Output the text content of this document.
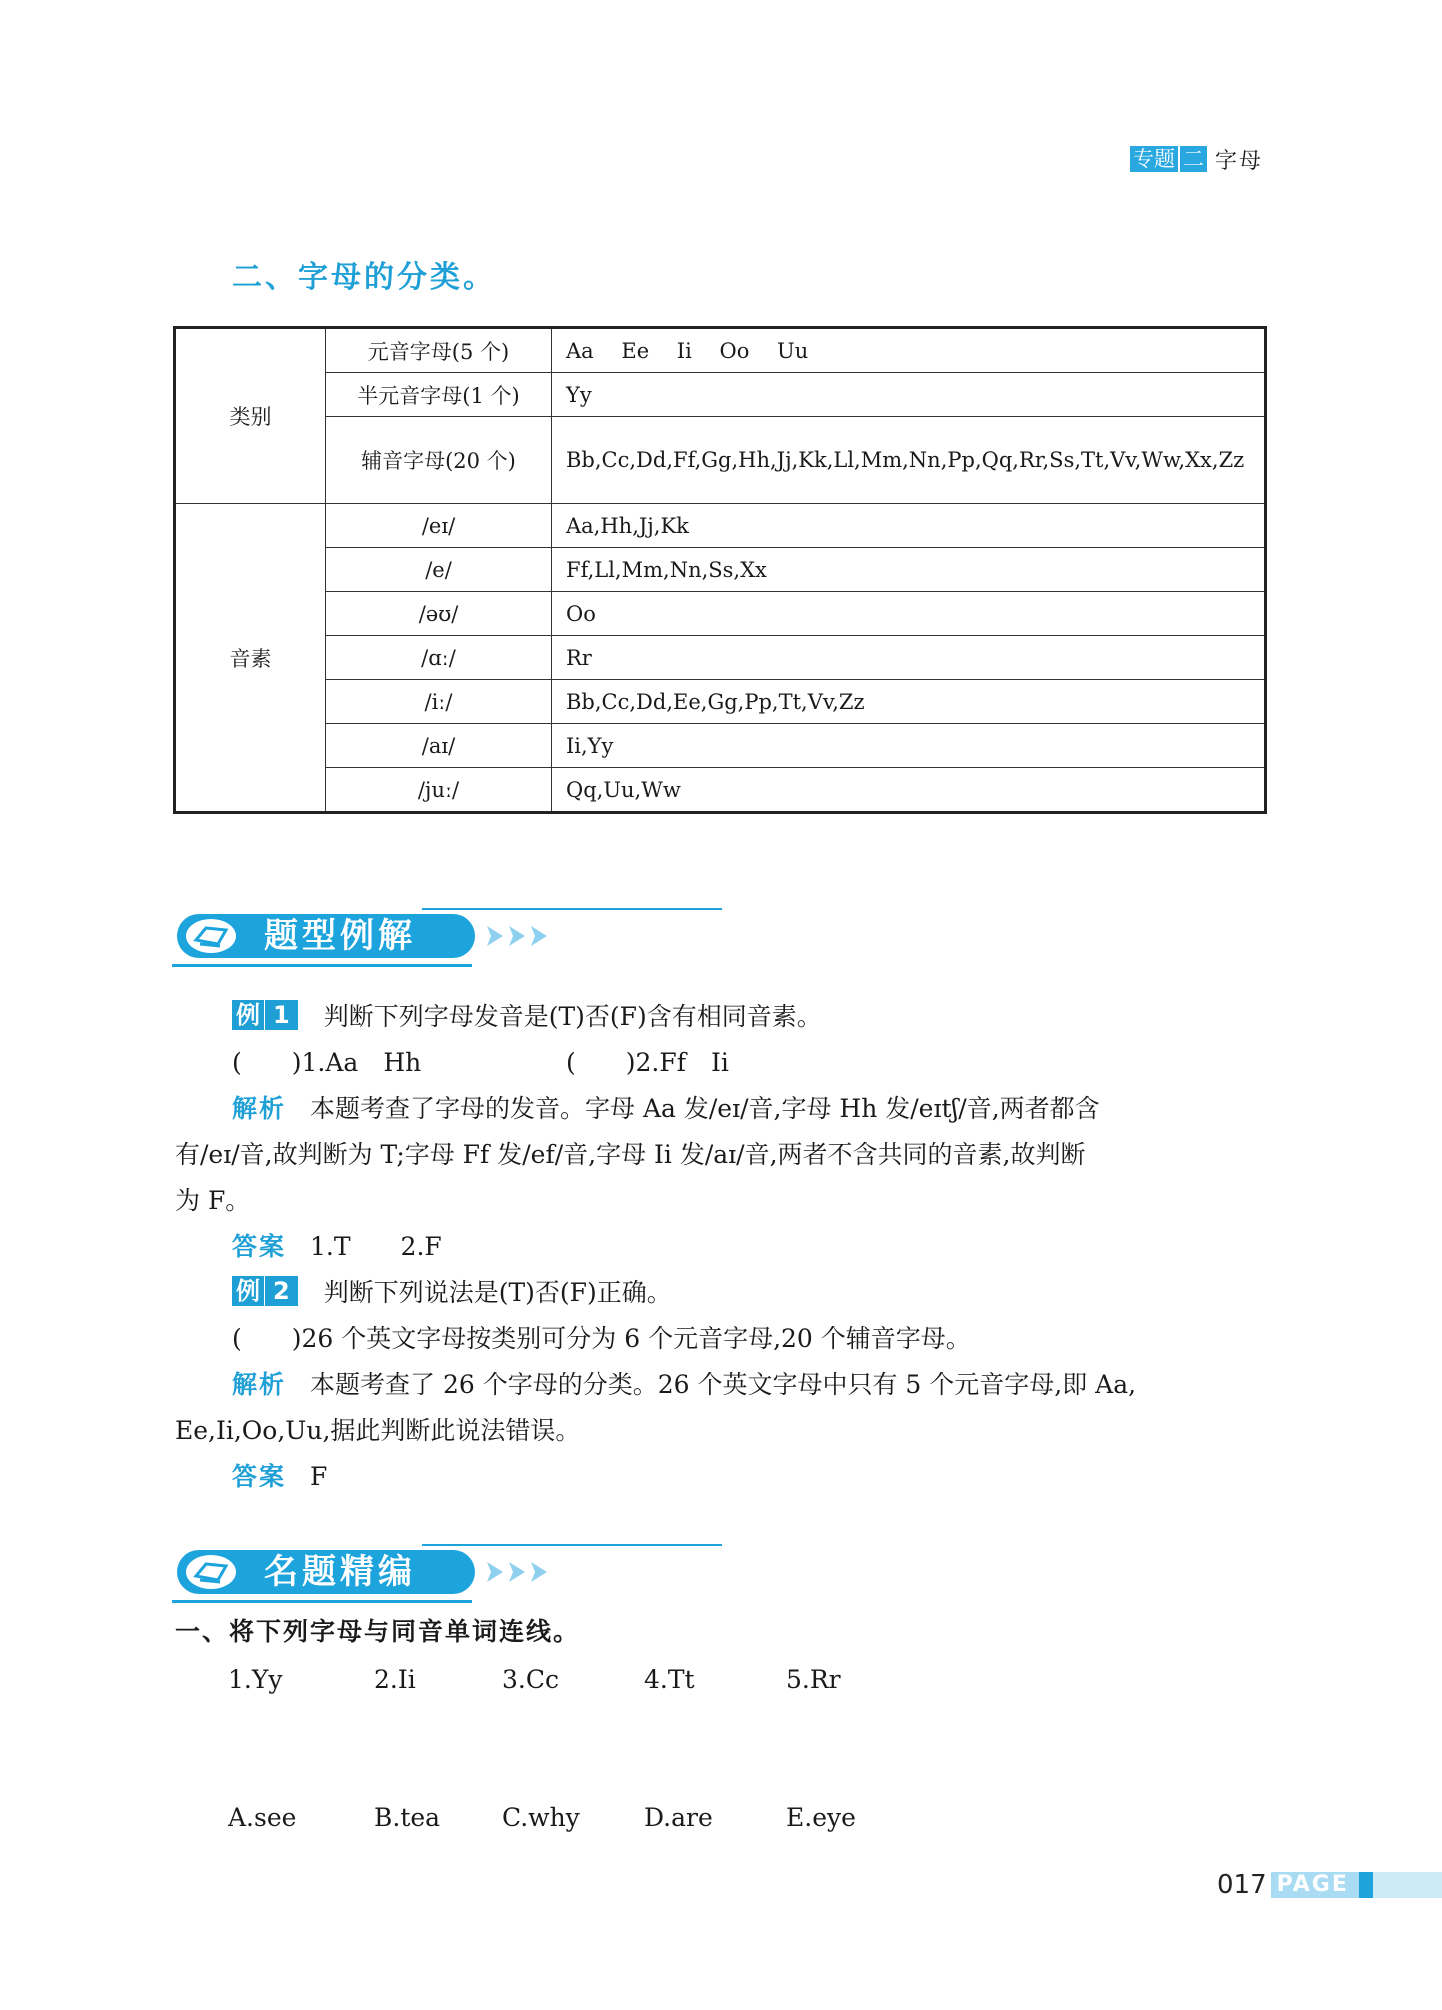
专题 二 字母
二、字母的分类。
类别	元音字母(5 个)	Aa　 Ee　 Ii　 Oo　 Uu
	半元音字母(1 个)	Yy
	辅音字母(20 个)	Bb,Cc,Dd,Ff,Gg,Hh,Jj,Kk,Ll,Mm,Nn,Pp,Qq,Rr,Ss,Tt,Vv,Ww,Xx,Zz
音素	/eɪ/	Aa,Hh,Jj,Kk
	/e/	Ff,Ll,Mm,Nn,Ss,Xx
	/əʊ/	Oo
	/ɑː/	Rr
	/iː/	Bb,Cc,Dd,Ee,Gg,Pp,Tt,Vv,Zz
	/aɪ/	Ii,Yy
	/juː/	Qq,Uu,Ww
题型例解
例 1 判断下列字母发音是(T)否(F)含有相同音素。
(　　)1.Aa　Hh	(　　)2.Ff　Ii
解析 本题考查了字母的发音。字母 Aa 发/eɪ/音,字母 Hh 发/eɪtʃ/音,两者都含
有/eɪ/音,故判断为 T;字母 Ff 发/ef/音,字母 Ii 发/aɪ/音,两者不含共同的音素,故判断
为 F。
答案 1.T　　2.F
例 2 判断下列说法是(T)否(F)正确。
(　　)26 个英文字母按类别可分为 6 个元音字母,20 个辅音字母。
解析 本题考查了 26 个字母的分类。26 个英文字母中只有 5 个元音字母,即 Aa,
Ee,Ii,Oo,Uu,据此判断此说法错误。
答案 F
名题精编
一、将下列字母与同音单词连线。
1.Yy	2.Ii	3.Cc	4.Tt	5.Rr
A.see	B.tea C.why	D.are	E.eye
017 PAGE
